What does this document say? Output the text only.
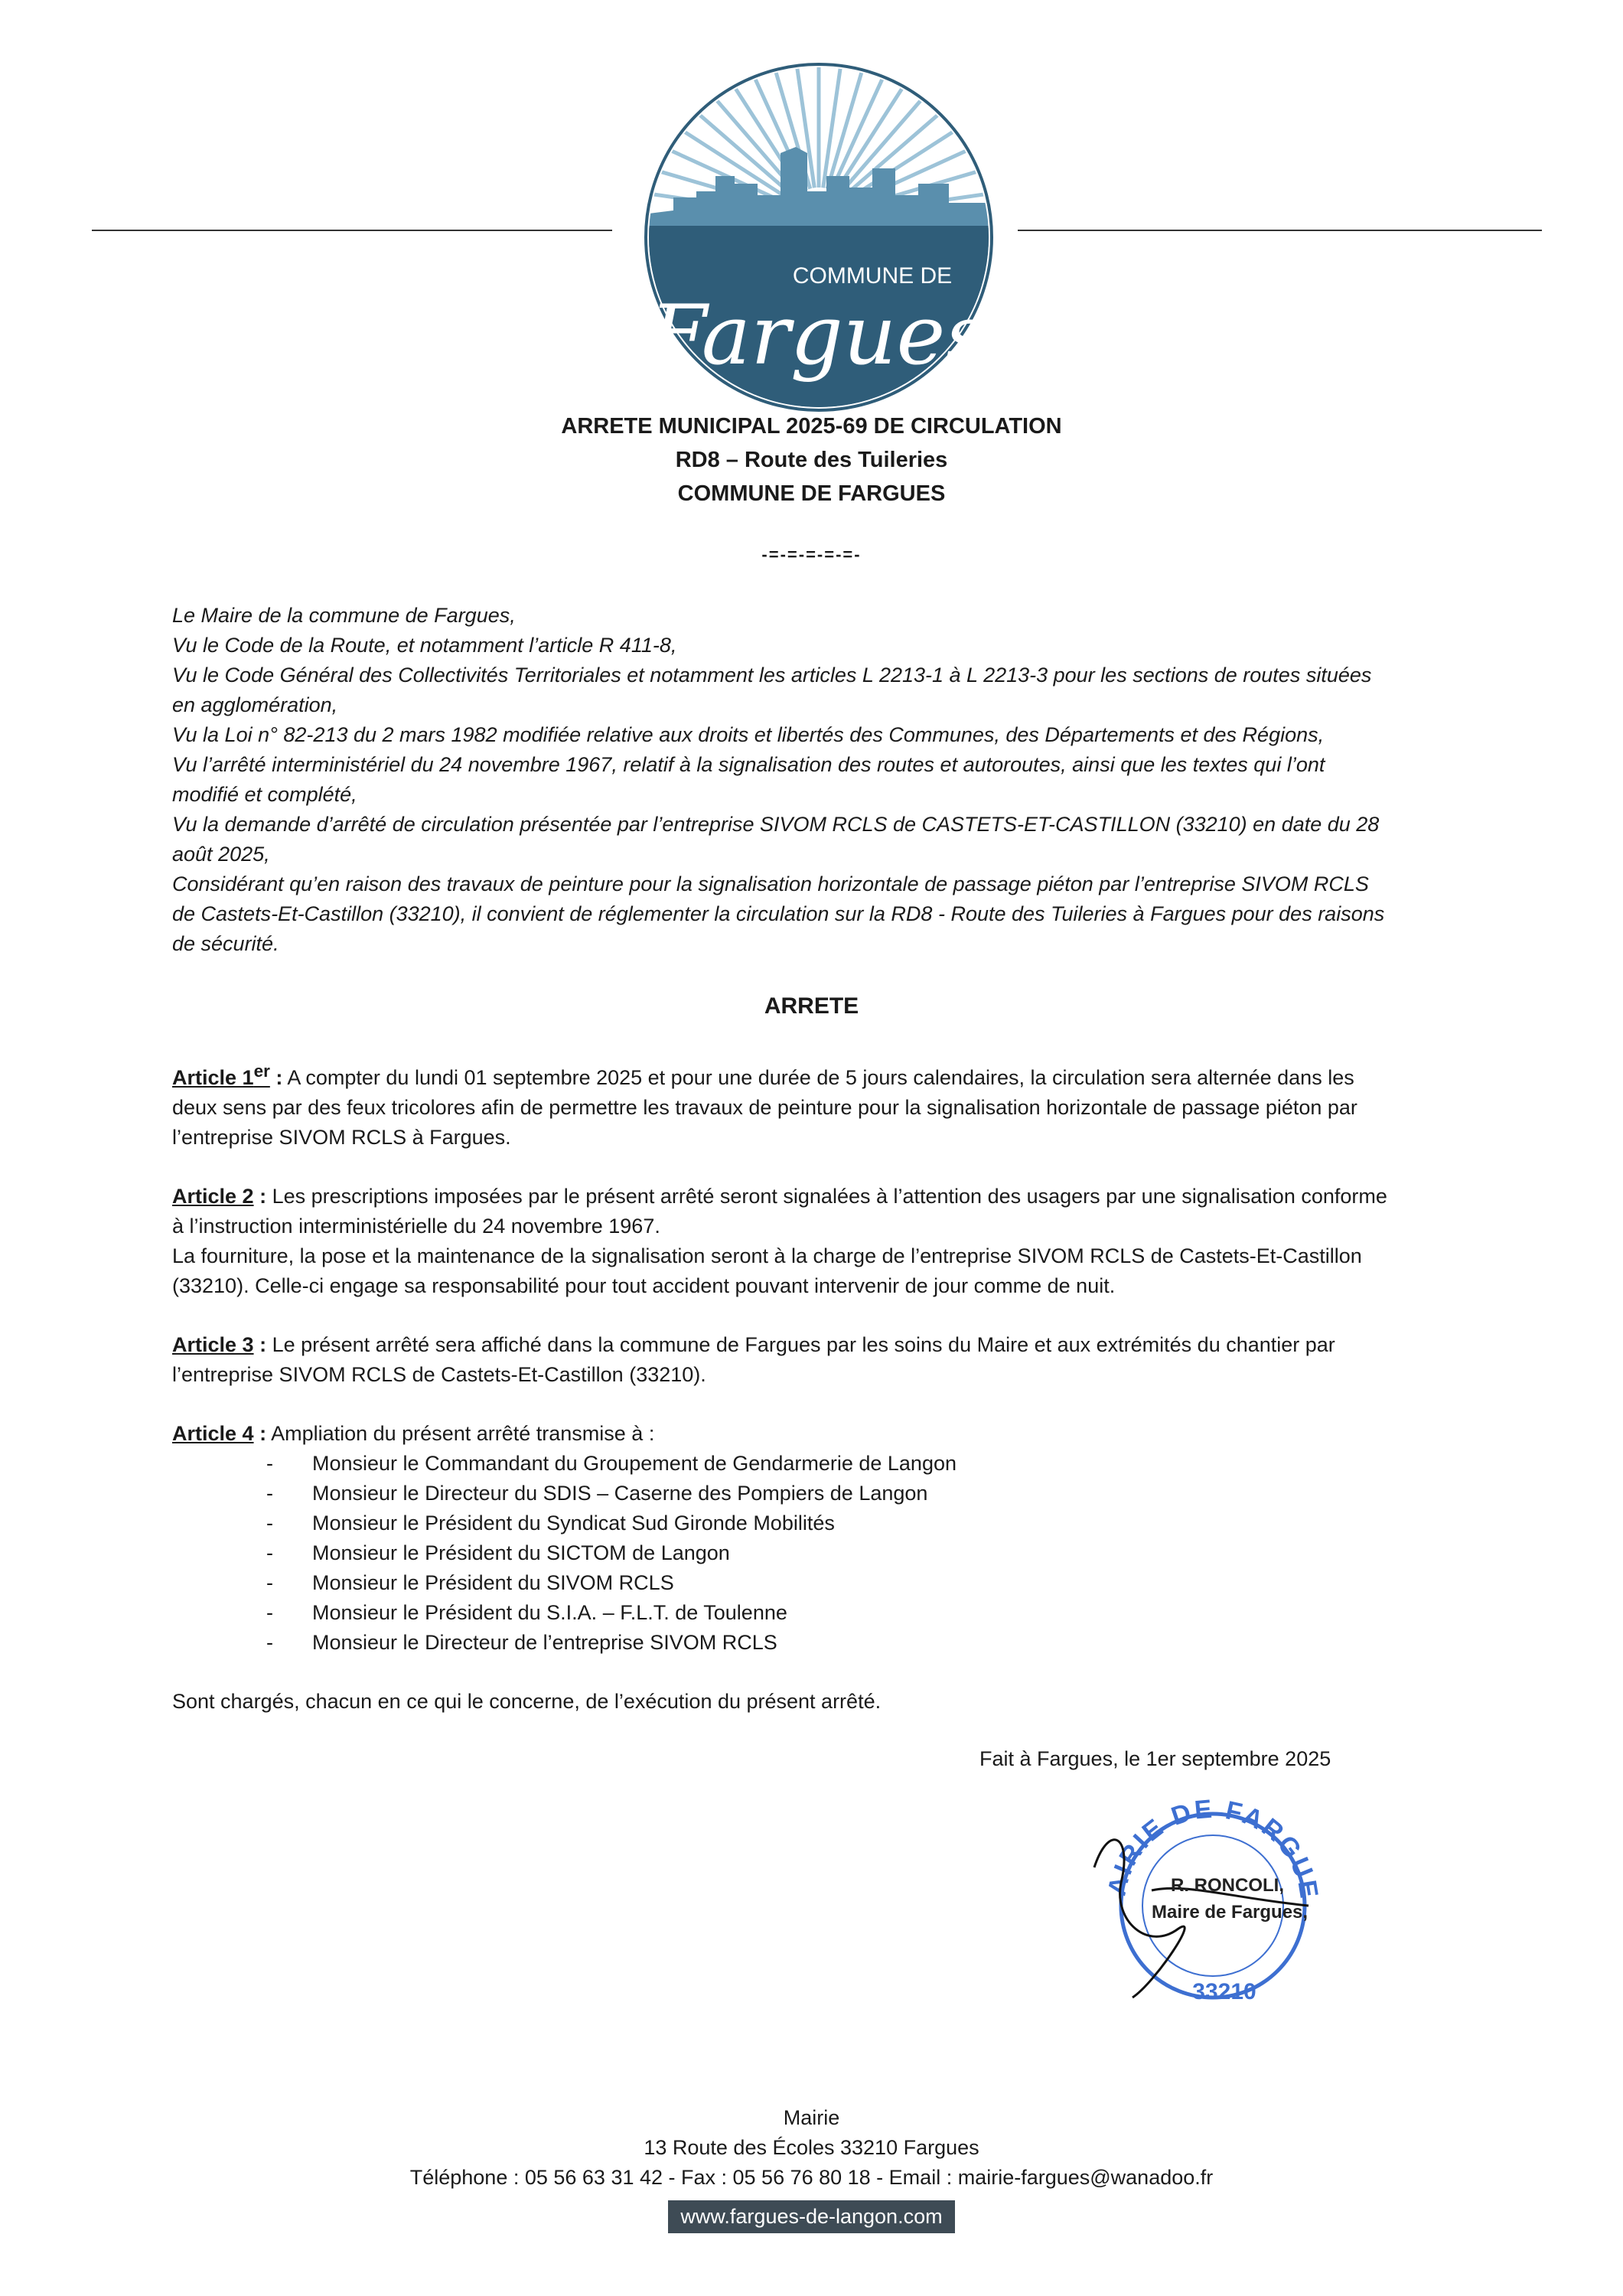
COMMUNE DE
Fargues
ARRETE MUNICIPAL 2025-69 DE CIRCULATION
RD8 – Route des Tuileries
COMMUNE DE FARGUES
-=-=-=-=-=-

Le Maire de la commune de Fargues,

Vu le Code de la Route, et notamment l’article R 411-8,

Vu le Code Général des Collectivités Territoriales et notamment les articles L 2213-1 à L 2213-3 pour les sections de routes situées en agglomération,

Vu la Loi n° 82-213 du 2 mars 1982 modifiée relative aux droits et libertés des Communes, des Départements et des Régions,

Vu l’arrêté interministériel du 24 novembre 1967, relatif à la signalisation des routes et autoroutes, ainsi que les textes qui l’ont modifié et complété,

Vu la demande d’arrêté de circulation présentée par l’entreprise SIVOM RCLS de CASTETS-ET-CASTILLON (33210) en date du 28 août 2025,

Considérant qu’en raison des travaux de peinture pour la signalisation horizontale de passage piéton par l’entreprise SIVOM RCLS de Castets-Et-Castillon (33210), il convient de réglementer la circulation sur la RD8 - Route des Tuileries à Fargues pour des raisons de sécurité.

ARRETE

Article 1er : A compter du lundi 01 septembre 2025 et pour une durée de 5 jours calendaires, la circulation sera alternée dans les deux sens par des feux tricolores afin de permettre les travaux de peinture pour la signalisation horizontale de passage piéton par l’entreprise SIVOM RCLS à Fargues.

Article 2 : Les prescriptions imposées par le présent arrêté seront signalées à l’attention des usagers par une signalisation conforme à l’instruction interministérielle du 24 novembre 1967.

La fourniture, la pose et la maintenance de la signalisation seront à la charge de l’entreprise SIVOM RCLS de Castets-Et-Castillon (33210). Celle-ci engage sa responsabilité pour tout accident pouvant intervenir de jour comme de nuit.

Article 3 : Le présent arrêté sera affiché dans la commune de Fargues par les soins du Maire et aux extrémités du chantier par l’entreprise SIVOM RCLS de Castets-Et-Castillon (33210).

Article 4 : Ampliation du présent arrêté transmise à :

- Monsieur le Commandant du Groupement de Gendarmerie de Langon
- Monsieur le Directeur du SDIS – Caserne des Pompiers de Langon
- Monsieur le Président du Syndicat Sud Gironde Mobilités
- Monsieur le Président du SICTOM de Langon
- Monsieur le Président du SIVOM RCLS
- Monsieur le Président du S.I.A. – F.L.T. de Toulenne
- Monsieur le Directeur de l’entreprise SIVOM RCLS

Sont chargés, chacun en ce qui le concerne, de l’exécution du présent arrêté.

Fait à Fargues, le 1er septembre 2025
AIRIE DE FARGUE
33210
R. RONCOLI,
Maire de Fargues,

Mairie

13 Route des Écoles 33210 Fargues

Téléphone : 05 56 63 31 42 - Fax : 05 56 76 80 18 - Email : mairie-fargues@wanadoo.fr

www.fargues-de-langon.com
